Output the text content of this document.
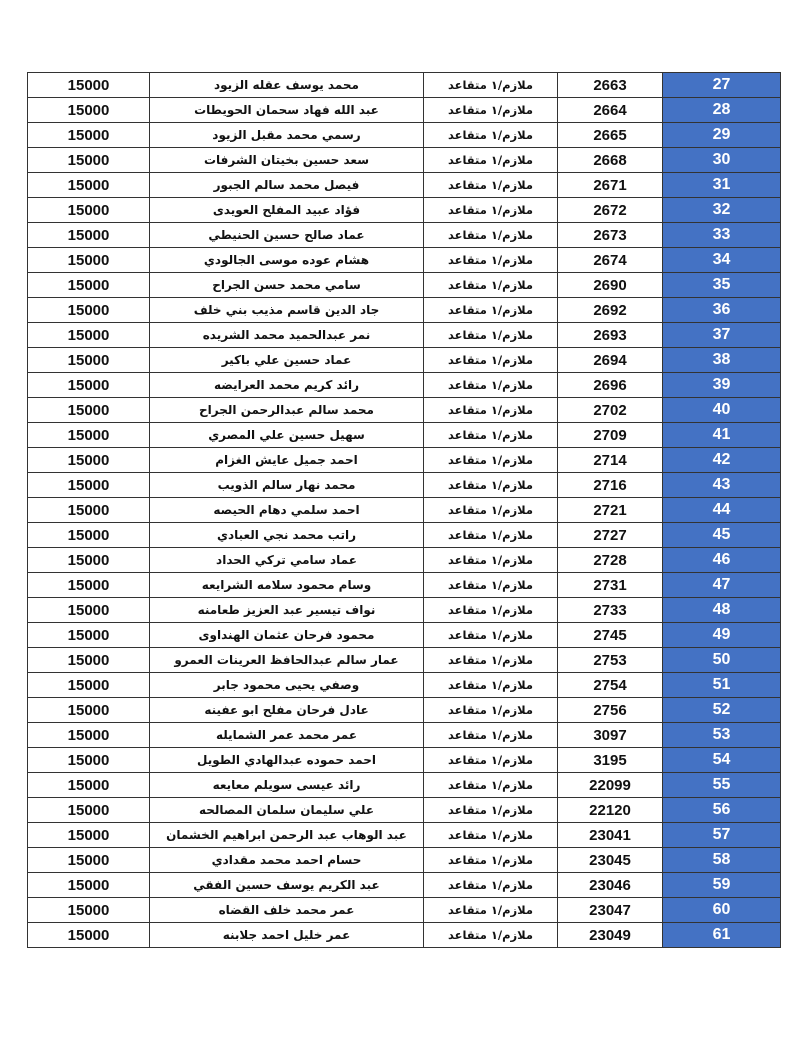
15000	محمد يوسف عقله الزيود	ملازم/١ متقاعد	2663	27
15000	عبد الله فهاد سحمان الحويطات	ملازم/١ متقاعد	2664	28
15000	رسمي محمد مقبل الزيود	ملازم/١ متقاعد	2665	29
15000	سعد حسين بخيتان الشرفات	ملازم/١ متقاعد	2668	30
15000	فيصل محمد سالم الجبور	ملازم/١ متقاعد	2671	31
15000	فؤاد عبيد المفلح العويدى	ملازم/١ متقاعد	2672	32
15000	عماد صالح حسين الحنيطي	ملازم/١ متقاعد	2673	33
15000	هشام عوده موسى الجالودي	ملازم/١ متقاعد	2674	34
15000	سامي محمد حسن الجراح	ملازم/١ متقاعد	2690	35
15000	جاد الدين قاسم مذيب بني خلف	ملازم/١ متقاعد	2692	36
15000	نمر عبدالحميد محمد الشريده	ملازم/١ متقاعد	2693	37
15000	عماد حسين علي باكير	ملازم/١ متقاعد	2694	38
15000	رائد كريم محمد العرايضه	ملازم/١ متقاعد	2696	39
15000	محمد سالم عبدالرحمن الجراح	ملازم/١ متقاعد	2702	40
15000	سهيل حسين علي المصري	ملازم/١ متقاعد	2709	41
15000	احمد جميل عايش الغزام	ملازم/١ متقاعد	2714	42
15000	محمد نهار سالم الذويب	ملازم/١ متقاعد	2716	43
15000	احمد سلمي دهام الحيصه	ملازم/١ متقاعد	2721	44
15000	راتب محمد نجي العبادي	ملازم/١ متقاعد	2727	45
15000	عماد سامي تركي الحداد	ملازم/١ متقاعد	2728	46
15000	وسام محمود سلامه الشرايعه	ملازم/١ متقاعد	2731	47
15000	نواف تيسير عبد العزيز طعامنه	ملازم/١ متقاعد	2733	48
15000	محمود فرحان عثمان الهنداوى	ملازم/١ متقاعد	2745	49
15000	عمار سالم عبدالحافظ العرينات العمرو	ملازم/١ متقاعد	2753	50
15000	وصفي يحيى محمود جابر	ملازم/١ متقاعد	2754	51
15000	عادل فرحان مفلح ابو عفينه	ملازم/١ متقاعد	2756	52
15000	عمر محمد عمر الشمايله	ملازم/١ متقاعد	3097	53
15000	احمد حموده عبدالهادي الطويل	ملازم/١ متقاعد	3195	54
15000	رائد عيسى سويلم معايعه	ملازم/١ متقاعد	22099	55
15000	علي سليمان سلمان المصالحه	ملازم/١ متقاعد	22120	56
15000	عبد الوهاب عبد الرحمن ابراهيم الخشمان	ملازم/١ متقاعد	23041	57
15000	حسام احمد محمد مقدادي	ملازم/١ متقاعد	23045	58
15000	عبد الكريم يوسف حسين الفقي	ملازم/١ متقاعد	23046	59
15000	عمر محمد خلف القضاه	ملازم/١ متقاعد	23047	60
15000	عمر خليل احمد جلابنه	ملازم/١ متقاعد	23049	61
